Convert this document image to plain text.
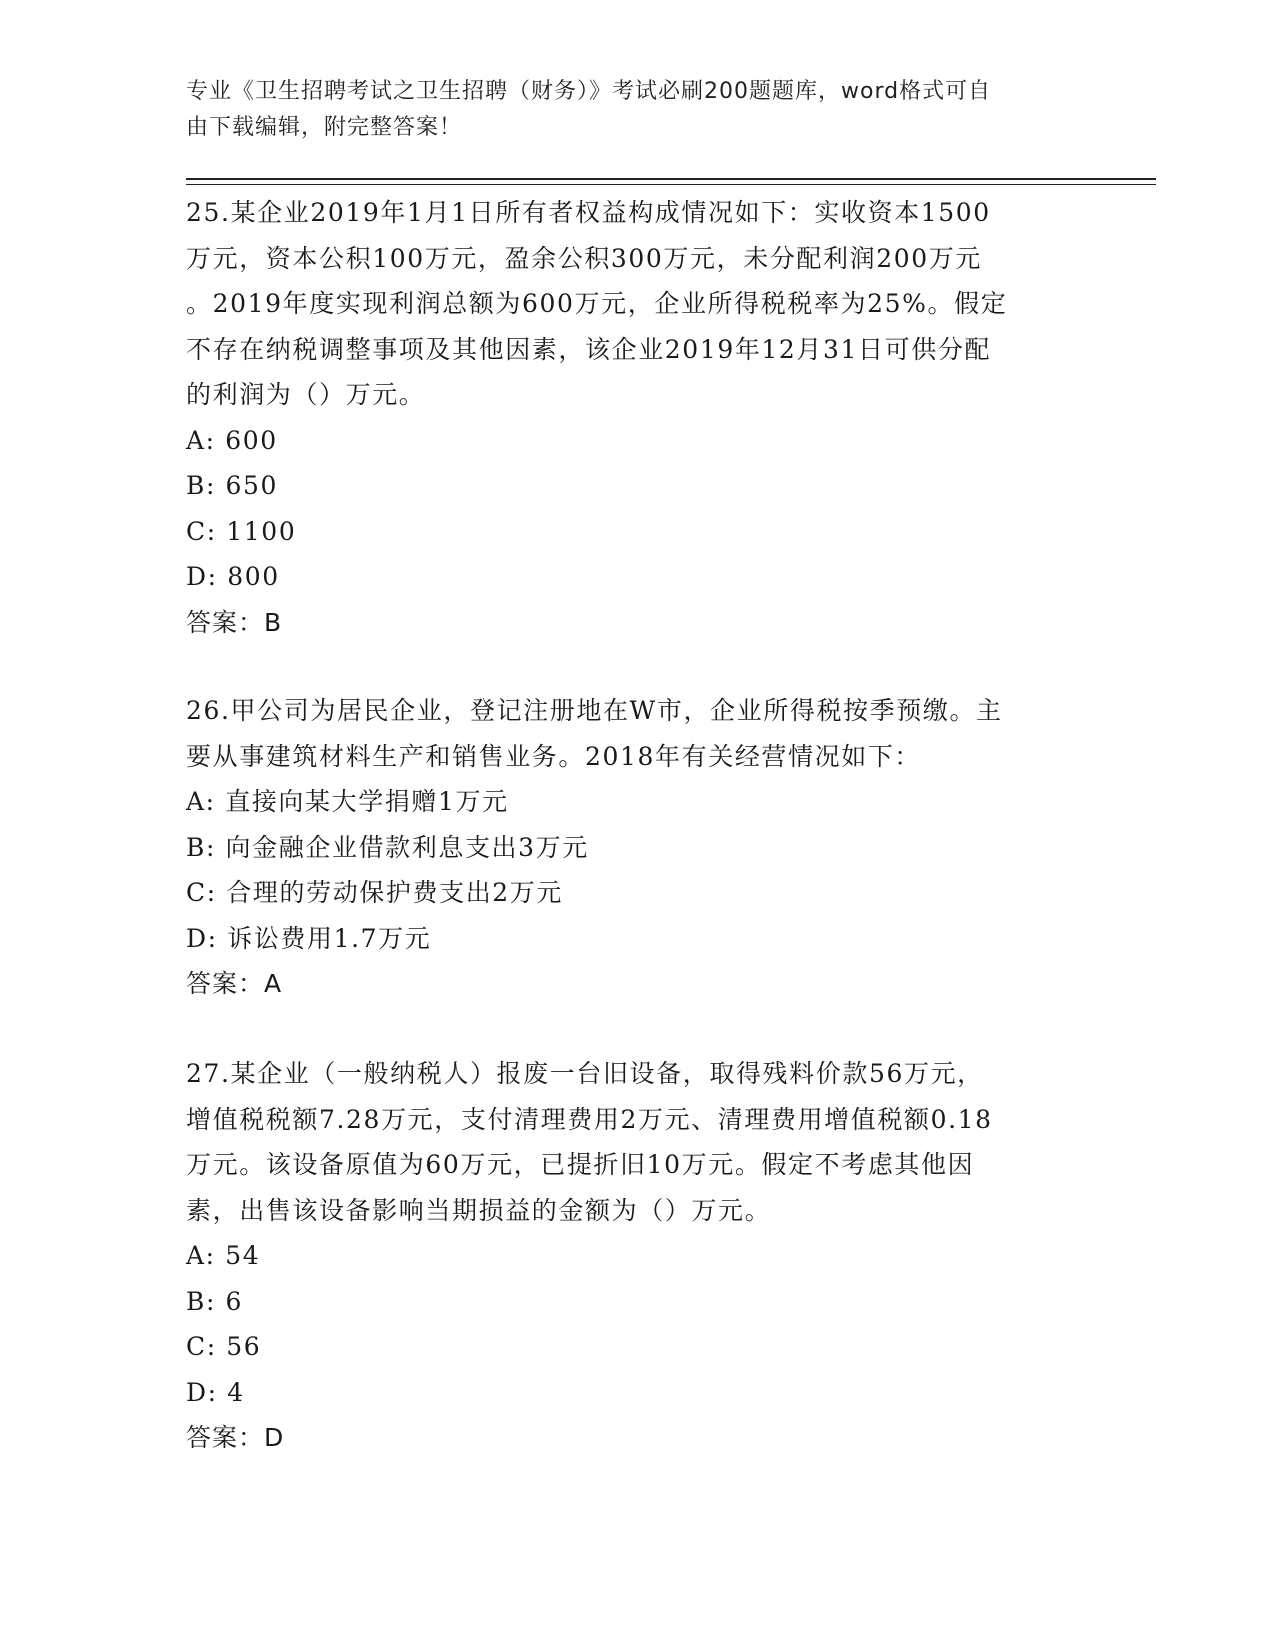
专业《卫生招聘考试之卫生招聘（财务）》考试必刷200题题库，word格式可自
由下载编辑，附完整答案！

25.某企业2019年1月1日所有者权益构成情况如下：实收资本1500

万元，资本公积100万元，盈余公积300万元，未分配利润200万元

。2019年度实现利润总额为600万元，企业所得税税率为25%。假定

不存在纳税调整事项及其他因素，该企业2019年12月31日可供分配

的利润为（）万元。

A: 600

B: 650

C: 1100

D: 800

答案：B

26.甲公司为居民企业，登记注册地在W市，企业所得税按季预缴。主

要从事建筑材料生产和销售业务。2018年有关经营情况如下：

A: 直接向某大学捐赠1万元

B: 向金融企业借款利息支出3万元

C: 合理的劳动保护费支出2万元

D: 诉讼费用1.7万元

答案：A

27.某企业（一般纳税人）报废一台旧设备，取得残料价款56万元，

增值税税额7.28万元，支付清理费用2万元、清理费用增值税额0.18

万元。该设备原值为60万元，已提折旧10万元。假定不考虑其他因

素，出售该设备影响当期损益的金额为（）万元。

A: 54

B: 6

C: 56

D: 4

答案：D
